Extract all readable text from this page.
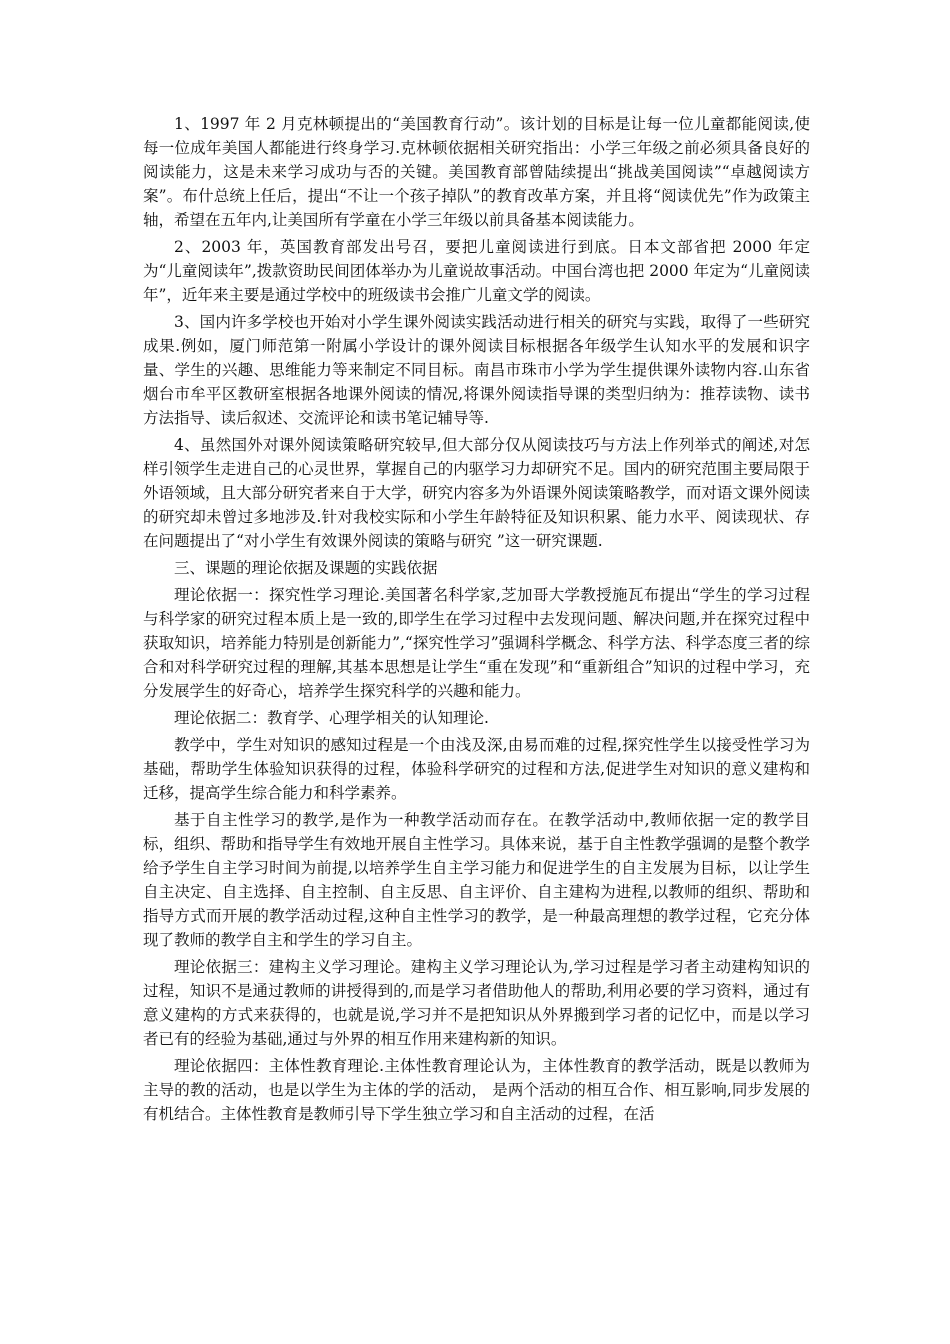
1、1997 年 2 月克林顿提出的“美国教育行动”。该计划的目标是让每一位儿童都能阅读,使每一位成年美国人都能进行终身学习.克林顿依据相关研究指出：小学三年级之前必须具备良好的阅读能力，这是未来学习成功与否的关键。美国教育部曾陆续提出“挑战美国阅读”“卓越阅读方案”。布什总统上任后，提出“不让一个孩子掉队”的教育改革方案，并且将“阅读优先”作为政策主轴，希望在五年内,让美国所有学童在小学三年级以前具备基本阅读能力。

2、2003 年，英国教育部发出号召，要把儿童阅读进行到底。日本文部省把 2000 年定为“儿童阅读年”,拨款资助民间团体举办为儿童说故事活动。中国台湾也把 2000 年定为“儿童阅读年”，近年来主要是通过学校中的班级读书会推广儿童文学的阅读。

3、国内许多学校也开始对小学生课外阅读实践活动进行相关的研究与实践，取得了一些研究成果.例如，厦门师范第一附属小学设计的课外阅读目标根据各年级学生认知水平的发展和识字量、学生的兴趣、思维能力等来制定不同目标。南昌市珠市小学为学生提供课外读物内容.山东省烟台市牟平区教研室根据各地课外阅读的情况,将课外阅读指导课的类型归纳为：推荐读物、读书方法指导、读后叙述、交流评论和读书笔记辅导等.

4、虽然国外对课外阅读策略研究较早,但大部分仅从阅读技巧与方法上作列举式的阐述,对怎样引领学生走进自己的心灵世界，掌握自己的内驱学习力却研究不足。国内的研究范围主要局限于外语领域，且大部分研究者来自于大学，研究内容多为外语课外阅读策略教学，而对语文课外阅读的研究却未曾过多地涉及.针对我校实际和小学生年龄特征及知识积累、能力水平、阅读现状、存在问题提出了“对小学生有效课外阅读的策略与研究 ”这一研究课题.

三、课题的理论依据及课题的实践依据

理论依据一：探究性学习理论.美国著名科学家,芝加哥大学教授施瓦布提出“学生的学习过程与科学家的研究过程本质上是一致的,即学生在学习过程中去发现问题、解决问题,并在探究过程中获取知识，培养能力特别是创新能力”,“探究性学习”强调科学概念、科学方法、科学态度三者的综合和对科学研究过程的理解,其基本思想是让学生“重在发现”和“重新组合”知识的过程中学习，充分发展学生的好奇心，培养学生探究科学的兴趣和能力。

理论依据二：教育学、心理学相关的认知理论.

教学中，学生对知识的感知过程是一个由浅及深,由易而难的过程,探究性学生以接受性学习为基础，帮助学生体验知识获得的过程，体验科学研究的过程和方法,促进学生对知识的意义建构和迁移，提高学生综合能力和科学素养。

基于自主性学习的教学,是作为一种教学活动而存在。在教学活动中,教师依据一定的教学目标，组织、帮助和指导学生有效地开展自主性学习。具体来说，基于自主性教学强调的是整个教学给予学生自主学习时间为前提,以培养学生自主学习能力和促进学生的自主发展为目标，以让学生自主决定、自主选择、自主控制、自主反思、自主评价、自主建构为进程,以教师的组织、帮助和指导方式而开展的教学活动过程,这种自主性学习的教学，是一种最高理想的教学过程，它充分体现了教师的教学自主和学生的学习自主。

理论依据三：建构主义学习理论。建构主义学习理论认为,学习过程是学习者主动建构知识的过程，知识不是通过教师的讲授得到的,而是学习者借助他人的帮助,利用必要的学习资料，通过有意义建构的方式来获得的，也就是说,学习并不是把知识从外界搬到学习者的记忆中，而是以学习者已有的经验为基础,通过与外界的相互作用来建构新的知识。

理论依据四：主体性教育理论.主体性教育理论认为，主体性教育的教学活动，既是以教师为主导的教的活动，也是以学生为主体的学的活动， 是两个活动的相互合作、相互影响,同步发展的有机结合。主体性教育是教师引导下学生独立学习和自主活动的过程，在活
